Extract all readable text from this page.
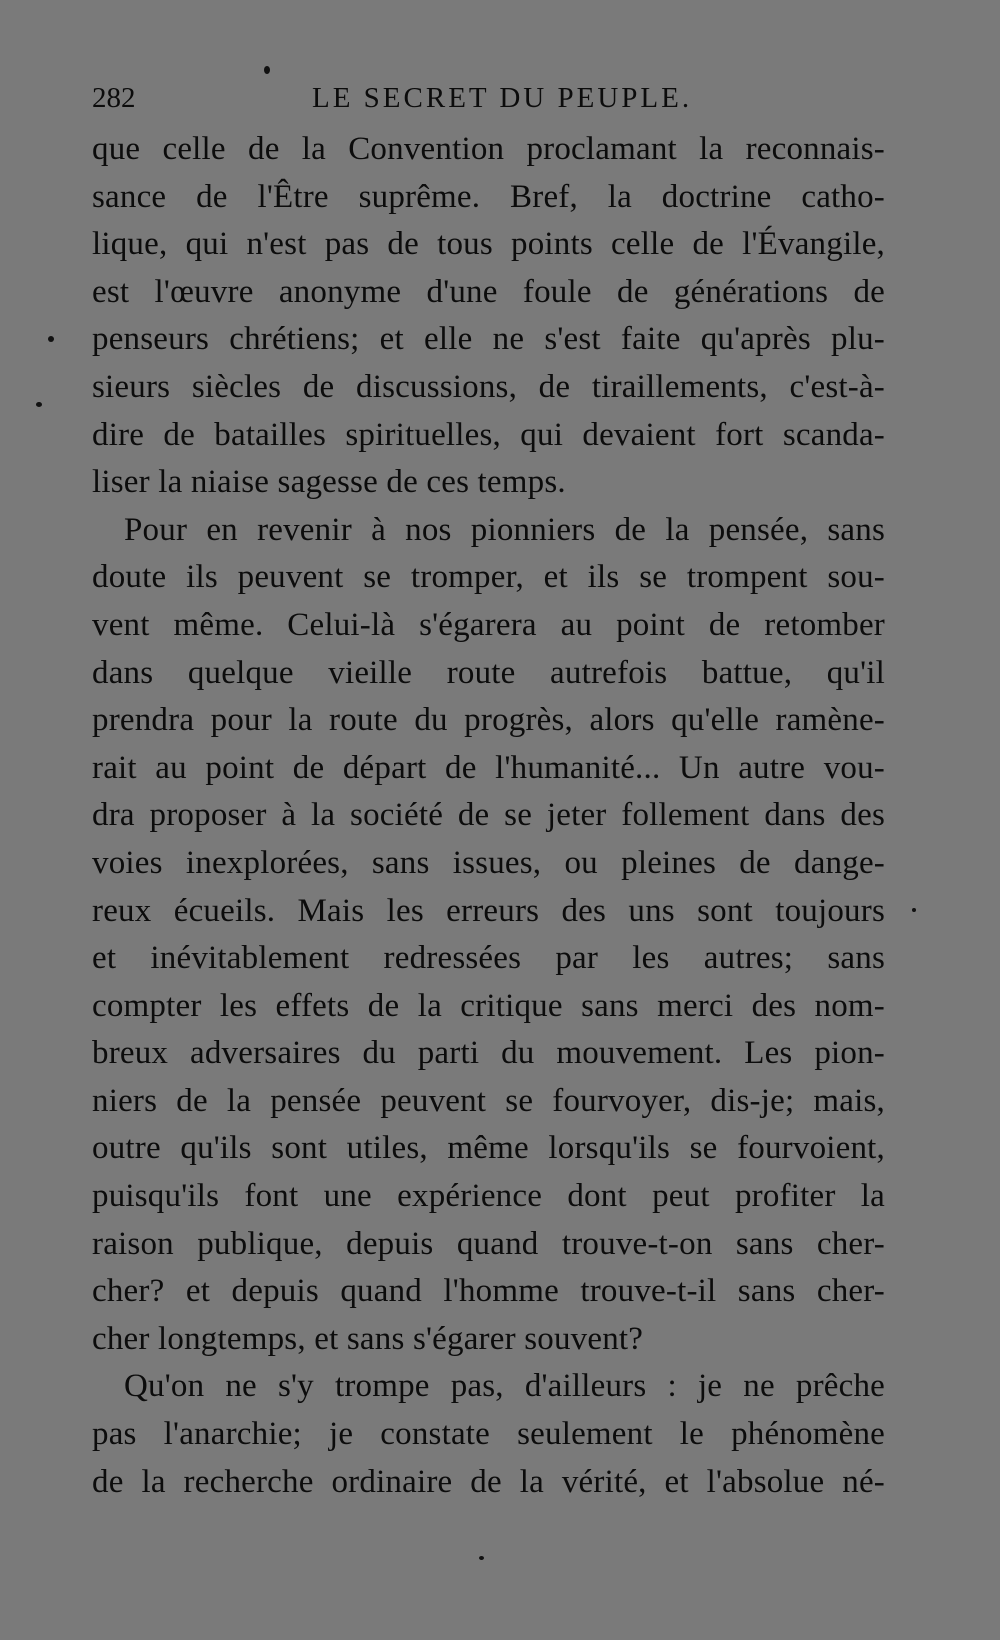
282	LE SECRET DU PEUPLE.
que celle de la Convention proclamant la reconnais-
sance de l'Être suprême. Bref, la doctrine catho-
lique, qui n'est pas de tous points celle de l'Évangile,
est l'œuvre anonyme d'une foule de générations de
penseurs chrétiens; et elle ne s'est faite qu'après plu-
sieurs siècles de discussions, de tiraillements, c'est-à-
dire de batailles spirituelles, qui devaient fort scanda-
liser la niaise sagesse de ces temps.
Pour en revenir à nos pionniers de la pensée, sans
doute ils peuvent se tromper, et ils se trompent sou-
vent même. Celui-là s'égarera au point de retomber
dans quelque vieille route autrefois battue, qu'il
prendra pour la route du progrès, alors qu'elle ramène-
rait au point de départ de l'humanité... Un autre vou-
dra proposer à la société de se jeter follement dans des
voies inexplorées, sans issues, ou pleines de dange-
reux écueils. Mais les erreurs des uns sont toujours
et inévitablement redressées par les autres; sans
compter les effets de la critique sans merci des nom-
breux adversaires du parti du mouvement. Les pion-
niers de la pensée peuvent se fourvoyer, dis-je; mais,
outre qu'ils sont utiles, même lorsqu'ils se fourvoient,
puisqu'ils font une expérience dont peut profiter la
raison publique, depuis quand trouve-t-on sans cher-
cher? et depuis quand l'homme trouve-t-il sans cher-
cher longtemps, et sans s'égarer souvent?
Qu'on ne s'y trompe pas, d'ailleurs : je ne prêche
pas l'anarchie; je constate seulement le phénomène
de la recherche ordinaire de la vérité, et l'absolue né-
